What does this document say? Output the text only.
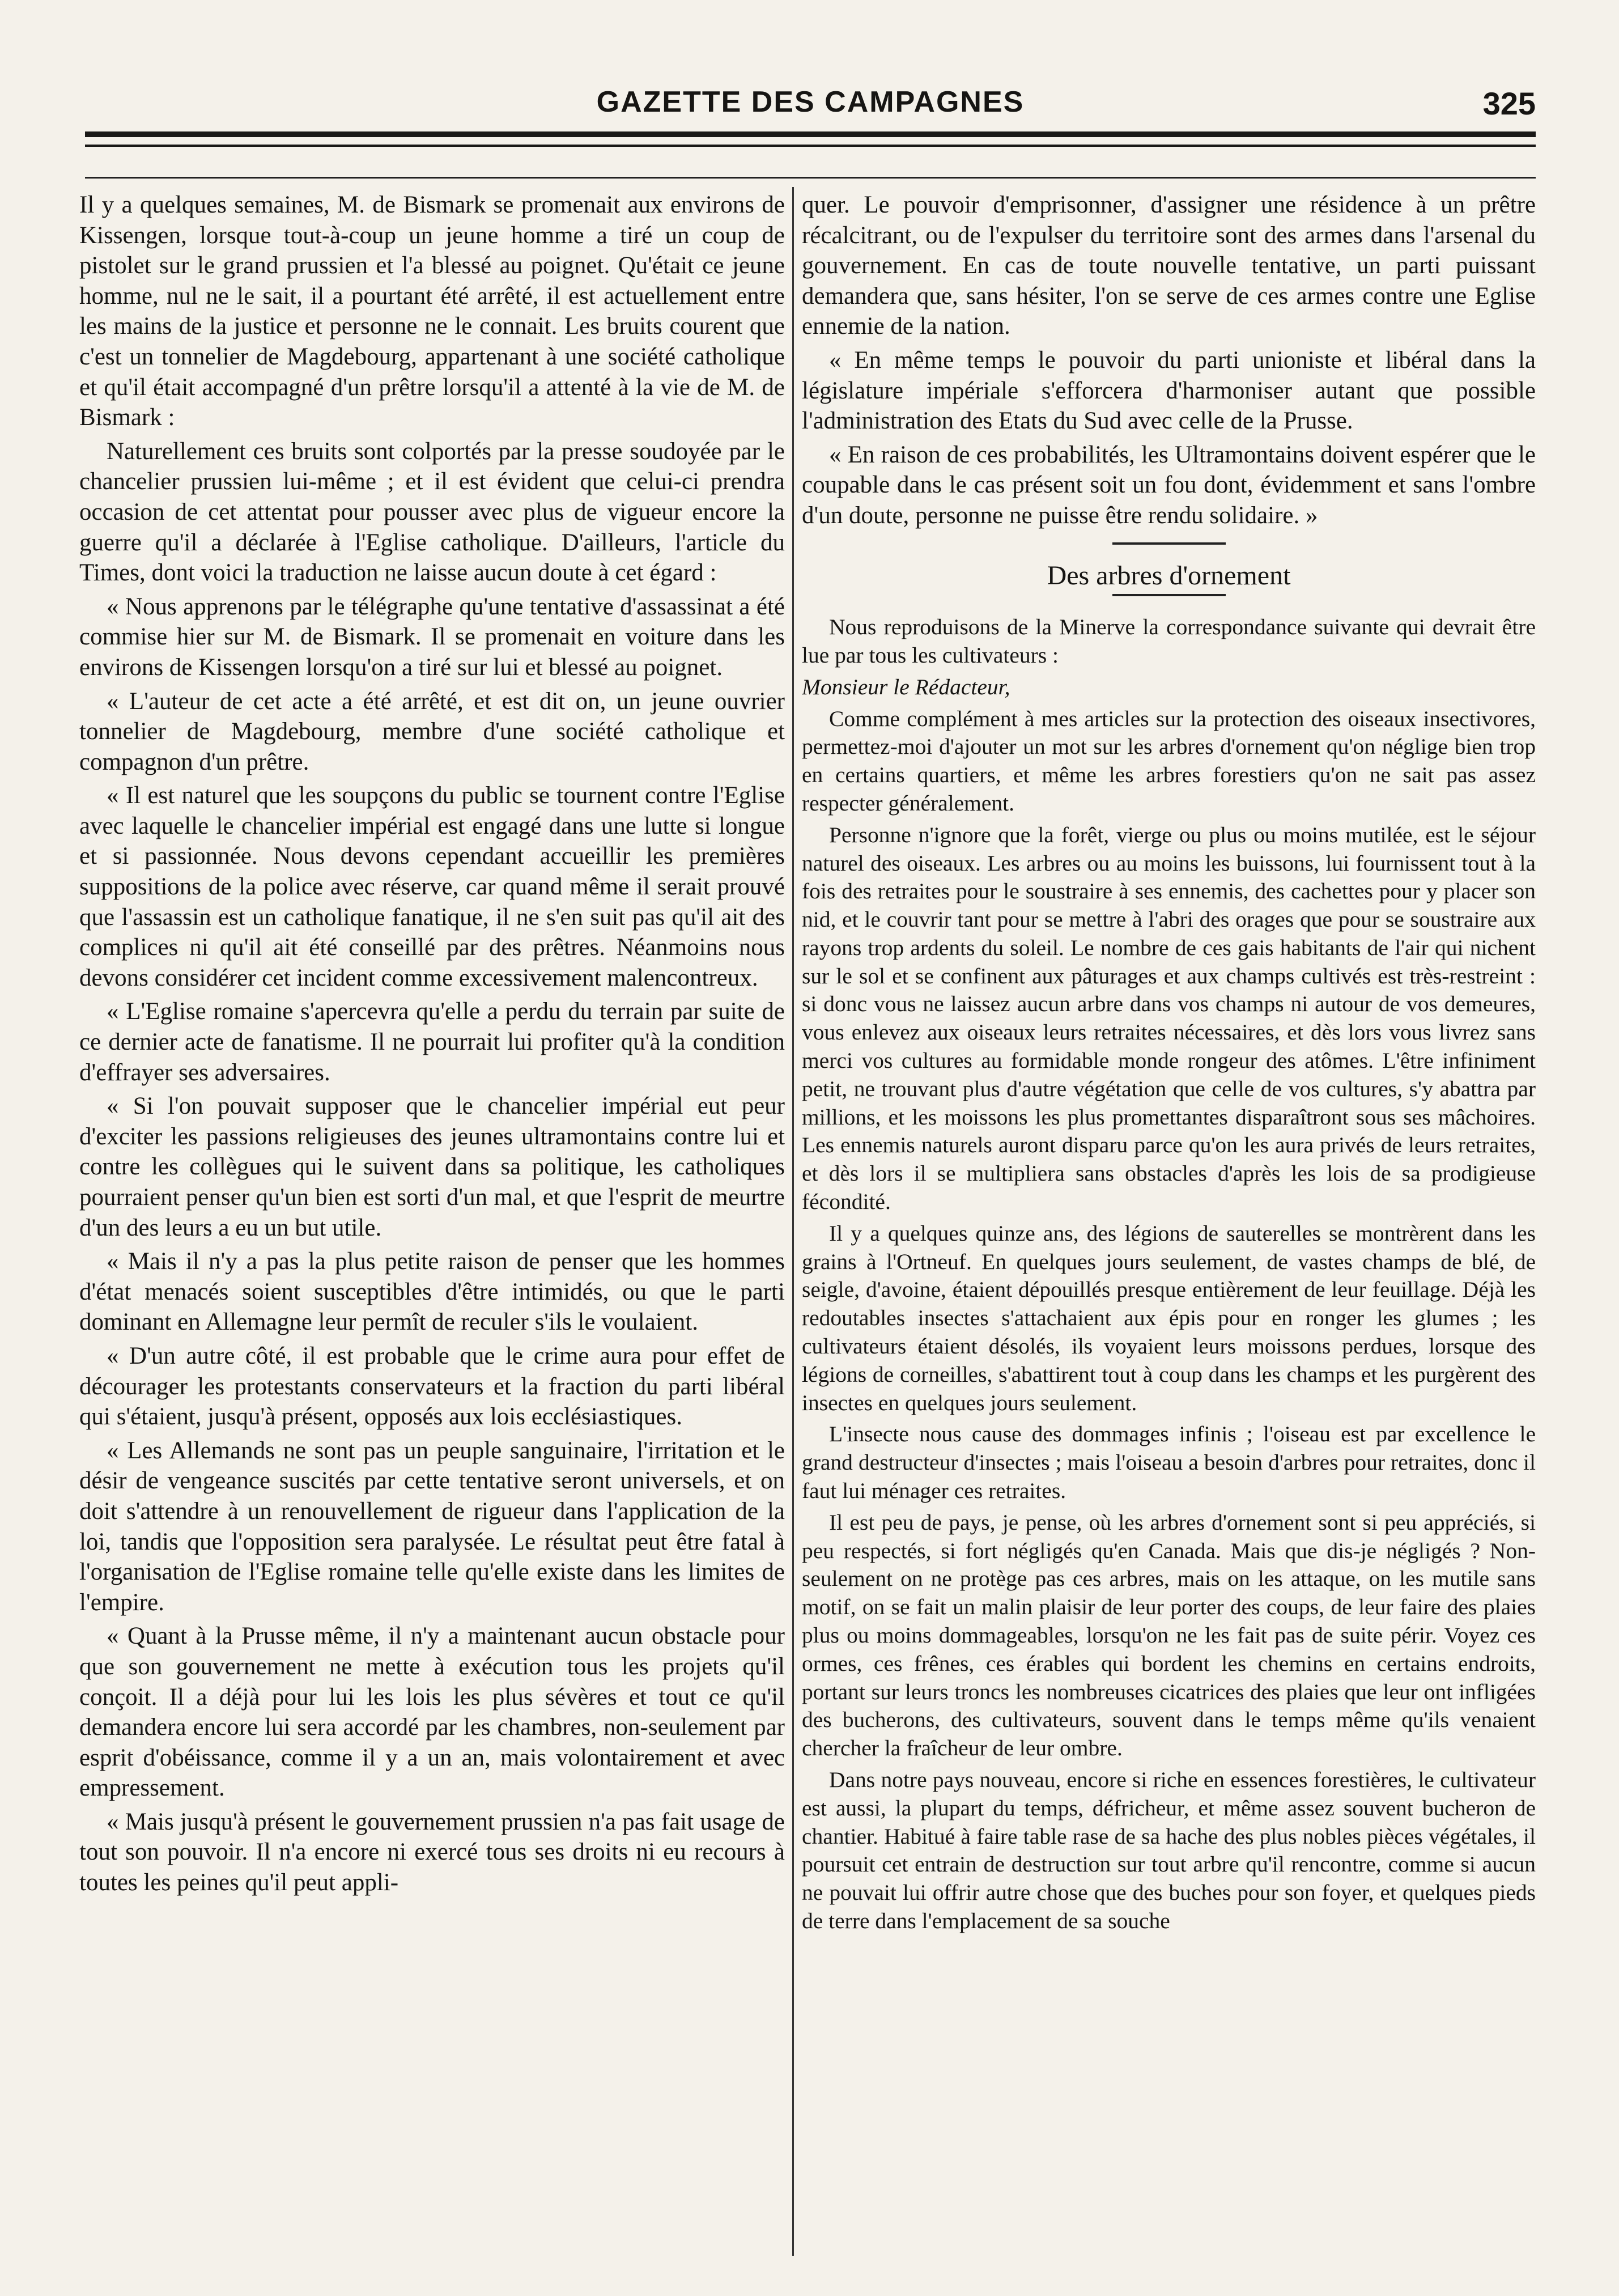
GAZETTE DES CAMPAGNES	325

Il y a quelques semaines, M. de Bismark se promenait aux environs de Kissengen, lorsque tout-à-coup un jeune homme a tiré un coup de pistolet sur le grand prussien et l'a blessé au poignet. Qu'était ce jeune homme, nul ne le sait, il a pourtant été arrêté, il est actuellement entre les mains de la justice et personne ne le connait. Les bruits courent que c'est un tonnelier de Magdebourg, appartenant à une société catholique et qu'il était accompagné d'un prêtre lorsqu'il a attenté à la vie de M. de Bismark :

Naturellement ces bruits sont colportés par la presse soudoyée par le chancelier prussien lui-même ; et il est évident que celui-ci prendra occasion de cet attentat pour pousser avec plus de vigueur encore la guerre qu'il a déclarée à l'Eglise catholique. D'ailleurs, l'article du Times, dont voici la traduction ne laisse aucun doute à cet égard :

« Nous apprenons par le télégraphe qu'une tentative d'assassinat a été commise hier sur M. de Bismark. Il se promenait en voiture dans les environs de Kissengen lorsqu'on a tiré sur lui et blessé au poignet.

« L'auteur de cet acte a été arrêté, et est dit on, un jeune ouvrier tonnelier de Magdebourg, membre d'une société catholique et compagnon d'un prêtre.

« Il est naturel que les soupçons du public se tournent contre l'Eglise avec laquelle le chancelier impérial est engagé dans une lutte si longue et si passionnée. Nous devons cependant accueillir les premières suppositions de la police avec réserve, car quand même il serait prouvé que l'assassin est un catholique fanatique, il ne s'en suit pas qu'il ait des complices ni qu'il ait été conseillé par des prêtres. Néanmoins nous devons considérer cet incident comme excessivement malencontreux.

« L'Eglise romaine s'apercevra qu'elle a perdu du terrain par suite de ce dernier acte de fanatisme. Il ne pourrait lui profiter qu'à la condition d'effrayer ses adversaires.

« Si l'on pouvait supposer que le chancelier impérial eut peur d'exciter les passions religieuses des jeunes ultramontains contre lui et contre les collègues qui le suivent dans sa politique, les catholiques pourraient penser qu'un bien est sorti d'un mal, et que l'esprit de meurtre d'un des leurs a eu un but utile.

« Mais il n'y a pas la plus petite raison de penser que les hommes d'état menacés soient susceptibles d'être intimidés, ou que le parti dominant en Allemagne leur permît de reculer s'ils le voulaient.

« D'un autre côté, il est probable que le crime aura pour effet de décourager les protestants conservateurs et la fraction du parti libéral qui s'étaient, jusqu'à présent, opposés aux lois ecclésiastiques.

« Les Allemands ne sont pas un peuple sanguinaire, l'irritation et le désir de vengeance suscités par cette tentative seront universels, et on doit s'attendre à un renouvellement de rigueur dans l'application de la loi, tandis que l'opposition sera paralysée. Le résultat peut être fatal à l'organisation de l'Eglise romaine telle qu'elle existe dans les limites de l'empire.

« Quant à la Prusse même, il n'y a maintenant aucun obstacle pour que son gouvernement ne mette à exécution tous les projets qu'il conçoit. Il a déjà pour lui les lois les plus sévères et tout ce qu'il demandera encore lui sera accordé par les chambres, non-seulement par esprit d'obéissance, comme il y a un an, mais volontairement et avec empressement.

« Mais jusqu'à présent le gouvernement prussien n'a pas fait usage de tout son pouvoir. Il n'a encore ni exercé tous ses droits ni eu recours à toutes les peines qu'il peut appli-

quer. Le pouvoir d'emprisonner, d'assigner une résidence à un prêtre récalcitrant, ou de l'expulser du territoire sont des armes dans l'arsenal du gouvernement. En cas de toute nouvelle tentative, un parti puissant demandera que, sans hésiter, l'on se serve de ces armes contre une Eglise ennemie de la nation.

« En même temps le pouvoir du parti unioniste et libéral dans la législature impériale s'efforcera d'harmoniser autant que possible l'administration des Etats du Sud avec celle de la Prusse.

« En raison de ces probabilités, les Ultramontains doivent espérer que le coupable dans le cas présent soit un fou dont, évidemment et sans l'ombre d'un doute, personne ne puisse être rendu solidaire. »

Des arbres d'ornement

Nous reproduisons de la Minerve la correspondance suivante qui devrait être lue par tous les cultivateurs :

Monsieur le Rédacteur,

Comme complément à mes articles sur la protection des oiseaux insectivores, permettez-moi d'ajouter un mot sur les arbres d'ornement qu'on néglige bien trop en certains quartiers, et même les arbres forestiers qu'on ne sait pas assez respecter généralement.

Personne n'ignore que la forêt, vierge ou plus ou moins mutilée, est le séjour naturel des oiseaux. Les arbres ou au moins les buissons, lui fournissent tout à la fois des retraites pour le soustraire à ses ennemis, des cachettes pour y placer son nid, et le couvrir tant pour se mettre à l'abri des orages que pour se soustraire aux rayons trop ardents du soleil. Le nombre de ces gais habitants de l'air qui nichent sur le sol et se confinent aux pâturages et aux champs cultivés est très-restreint : si donc vous ne laissez aucun arbre dans vos champs ni autour de vos demeures, vous enlevez aux oiseaux leurs retraites nécessaires, et dès lors vous livrez sans merci vos cultures au formidable monde rongeur des atômes. L'être infiniment petit, ne trouvant plus d'autre végétation que celle de vos cultures, s'y abattra par millions, et les moissons les plus promettantes disparaîtront sous ses mâchoires. Les ennemis naturels auront disparu parce qu'on les aura privés de leurs retraites, et dès lors il se multipliera sans obstacles d'après les lois de sa prodigieuse fécondité.

Il y a quelques quinze ans, des légions de sauterelles se montrèrent dans les grains à l'Ortneuf. En quelques jours seulement, de vastes champs de blé, de seigle, d'avoine, étaient dépouillés presque entièrement de leur feuillage. Déjà les redoutables insectes s'attachaient aux épis pour en ronger les glumes ; les cultivateurs étaient désolés, ils voyaient leurs moissons perdues, lorsque des légions de corneilles, s'abattirent tout à coup dans les champs et les purgèrent des insectes en quelques jours seulement.

L'insecte nous cause des dommages infinis ; l'oiseau est par excellence le grand destructeur d'insectes ; mais l'oiseau a besoin d'arbres pour retraites, donc il faut lui ménager ces retraites.

Il est peu de pays, je pense, où les arbres d'ornement sont si peu appréciés, si peu respectés, si fort négligés qu'en Canada. Mais que dis-je négligés ? Non-seulement on ne protège pas ces arbres, mais on les attaque, on les mutile sans motif, on se fait un malin plaisir de leur porter des coups, de leur faire des plaies plus ou moins dommageables, lorsqu'on ne les fait pas de suite périr. Voyez ces ormes, ces frênes, ces érables qui bordent les chemins en certains endroits, portant sur leurs troncs les nombreuses cicatrices des plaies que leur ont infligées des bucherons, des cultivateurs, souvent dans le temps même qu'ils venaient chercher la fraîcheur de leur ombre.

Dans notre pays nouveau, encore si riche en essences forestières, le cultivateur est aussi, la plupart du temps, défricheur, et même assez souvent bucheron de chantier. Habitué à faire table rase de sa hache des plus nobles pièces végétales, il poursuit cet entrain de destruction sur tout arbre qu'il rencontre, comme si aucun ne pouvait lui offrir autre chose que des buches pour son foyer, et quelques pieds de terre dans l'emplacement de sa souche
